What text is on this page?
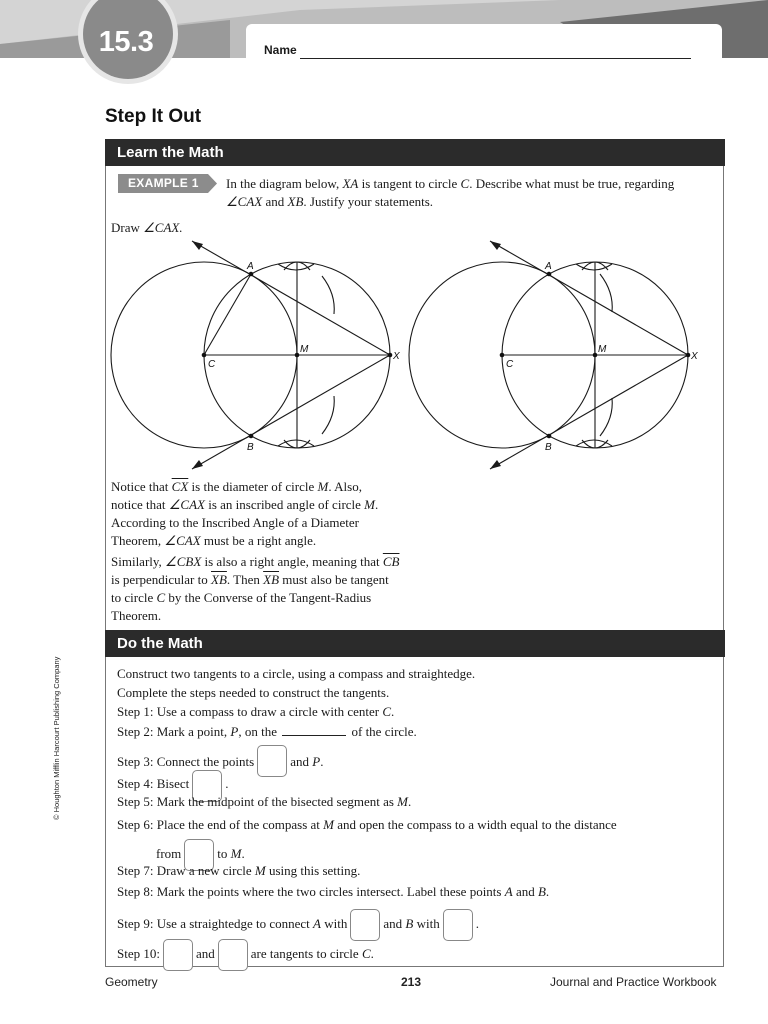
15.3	Name
Step It Out
Learn the Math
EXAMPLE 1 In the diagram below, XA is tangent to circle C. Describe what must be true, regarding
∠CAX and XB. Justify your statements.
Draw ∠CAX.
A
B
C
M
X
A
B
C
M
X
Notice that $\overline{CX}$ is the diameter of circle M. Also,
notice that ∠CAX is an inscribed angle of circle M.
According to the Inscribed Angle of a Diameter
Theorem, ∠CAX must be a right angle.
Similarly, ∠CBX is also a right angle, meaning that $\overline{CB}$
is perpendicular to $\overline{XB}$. Then $\overline{XB}$ must also be tangent
to circle C by the Converse of the Tangent-Radius
Theorem.
Do the Math
Construct two tangents to a circle, using a compass and straightedge.
Complete the steps needed to construct the tangents.
Step 1: Use a compass to draw a circle with center C.
Step 2: Mark a point, P, on the	of the circle.
Step 3: Connect the points	and P.
Step 4: Bisect	.
Step 5: Mark the midpoint of the bisected segment as M.
Step 6: Place the end of the compass at M and open the compass to a width equal to the distance
from	to M.
Step 7: Draw a new circle M using this setting.
Step 8: Mark the points where the two circles intersect. Label these points A and B.
Step 9: Use a straightedge to connect A with	and B with	.
Step 10:	and	are tangents to circle C.
© Houghton Mifflin Harcourt Publishing Company
Geometry	213	Journal and Practice Workbook
